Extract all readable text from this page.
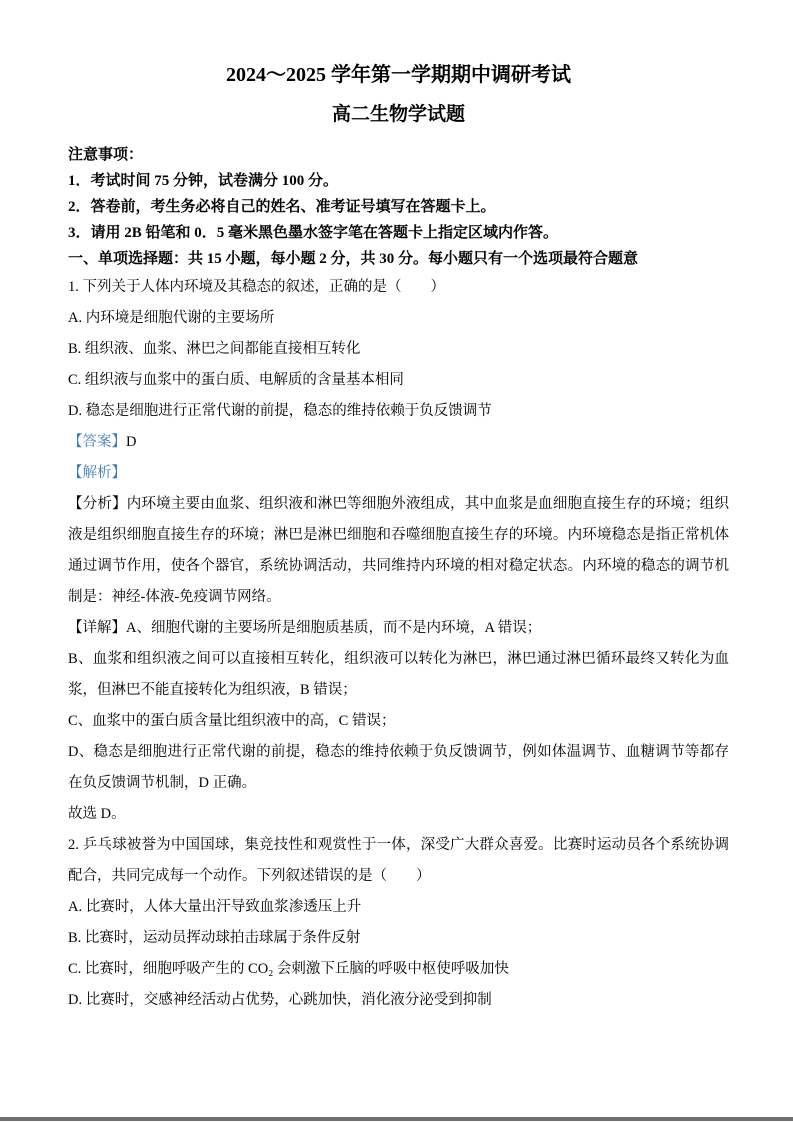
2024～2025 学年第一学期期中调研考试

高二生物学试题

注意事项：

1．考试时间 75 分钟，试卷满分 100 分。

2．答卷前，考生务必将自己的姓名、准考证号填写在答题卡上。

3．请用 2B 铅笔和 0．5 毫米黑色墨水签字笔在答题卡上指定区域内作答。

一、单项选择题：共 15 小题，每小题 2 分，共 30 分。每小题只有一个选项最符合题意

1. 下列关于人体内环境及其稳态的叙述，正确的是（　　）

A. 内环境是细胞代谢的主要场所

B. 组织液、血浆、淋巴之间都能直接相互转化

C. 组织液与血浆中的蛋白质、电解质的含量基本相同

D. 稳态是细胞进行正常代谢的前提，稳态的维持依赖于负反馈调节

【答案】D

【解析】

【分析】内环境主要由血浆、组织液和淋巴等细胞外液组成，其中血浆是血细胞直接生存的环境；组织液是组织细胞直接生存的环境；淋巴是淋巴细胞和吞噬细胞直接生存的环境。内环境稳态是指正常机体通过调节作用，使各个器官，系统协调活动，共同维持内环境的相对稳定状态。内环境的稳态的调节机制是：神经-体液-免疫调节网络。

【详解】A、细胞代谢的主要场所是细胞质基质，而不是内环境，A 错误；

B、血浆和组织液之间可以直接相互转化，组织液可以转化为淋巴，淋巴通过淋巴循环最终又转化为血浆，但淋巴不能直接转化为组织液，B 错误；

C、血浆中的蛋白质含量比组织液中的高，C 错误；

D、稳态是细胞进行正常代谢的前提，稳态的维持依赖于负反馈调节，例如体温调节、血糖调节等都存在负反馈调节机制，D 正确。

故选 D。

2. 乒乓球被誉为中国国球，集竞技性和观赏性于一体，深受广大群众喜爱。比赛时运动员各个系统协调配合，共同完成每一个动作。下列叙述错误的是（　　）

A. 比赛时，人体大量出汗导致血浆渗透压上升

B. 比赛时，运动员挥动球拍击球属于条件反射

C. 比赛时，细胞呼吸产生的 CO₂ 会刺激下丘脑的呼吸中枢使呼吸加快

D. 比赛时，交感神经活动占优势，心跳加快，消化液分泌受到抑制
